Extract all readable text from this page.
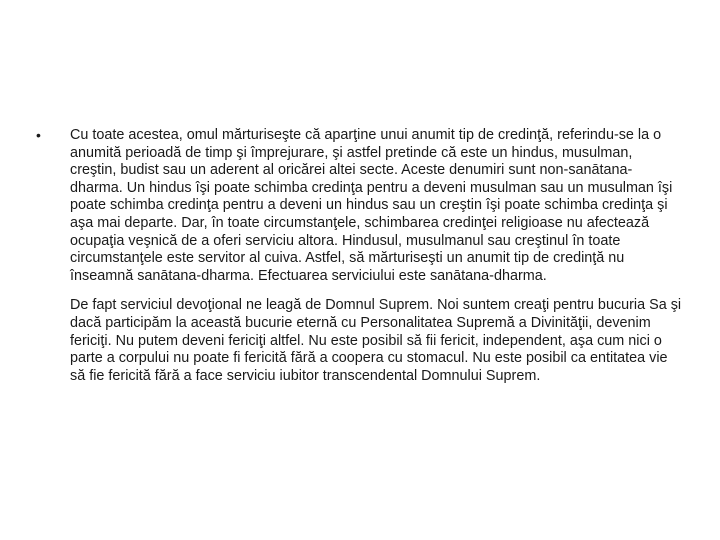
• Cu toate acestea, omul mărturiseşte că aparţine unui anumit tip de credinţă, referindu-se la o anumită perioadă de timp şi împrejurare, şi astfel pretinde că este un hindus, musulman, creştin, budist sau un aderent al oricărei altei secte. Aceste denumiri sunt non-sanātana-dharma. Un hindus îşi poate schimba credinţa pentru a deveni musulman sau un musulman îşi poate schimba credinţa pentru a deveni un hindus sau un creştin îşi poate schimba credinţa şi aşa mai departe. Dar, în toate circumstanţele, schimbarea credinţei religioase nu afectează ocupaţia veşnică de a oferi serviciu altora. Hindusul, musulmanul sau creştinul în toate circumstanţele este servitor al cuiva. Astfel, să mărturiseşti un anumit tip de credinţă nu înseamnă sanātana-dharma. Efectuarea serviciului este sanātana-dharma.

De fapt serviciul devoţional ne leagă de Domnul Suprem. Noi suntem creaţi pentru bucuria Sa şi dacă participăm la această bucurie eternă cu Personalitatea Supremă a Divinităţii, devenim fericiţi. Nu putem deveni fericiţi altfel. Nu este posibil să fii fericit, independent, aşa cum nici o parte a corpului nu poate fi fericită fără a coopera cu stomacul. Nu este posibil ca entitatea vie să fie fericită fără a face serviciu iubitor transcendental Domnului Suprem.
